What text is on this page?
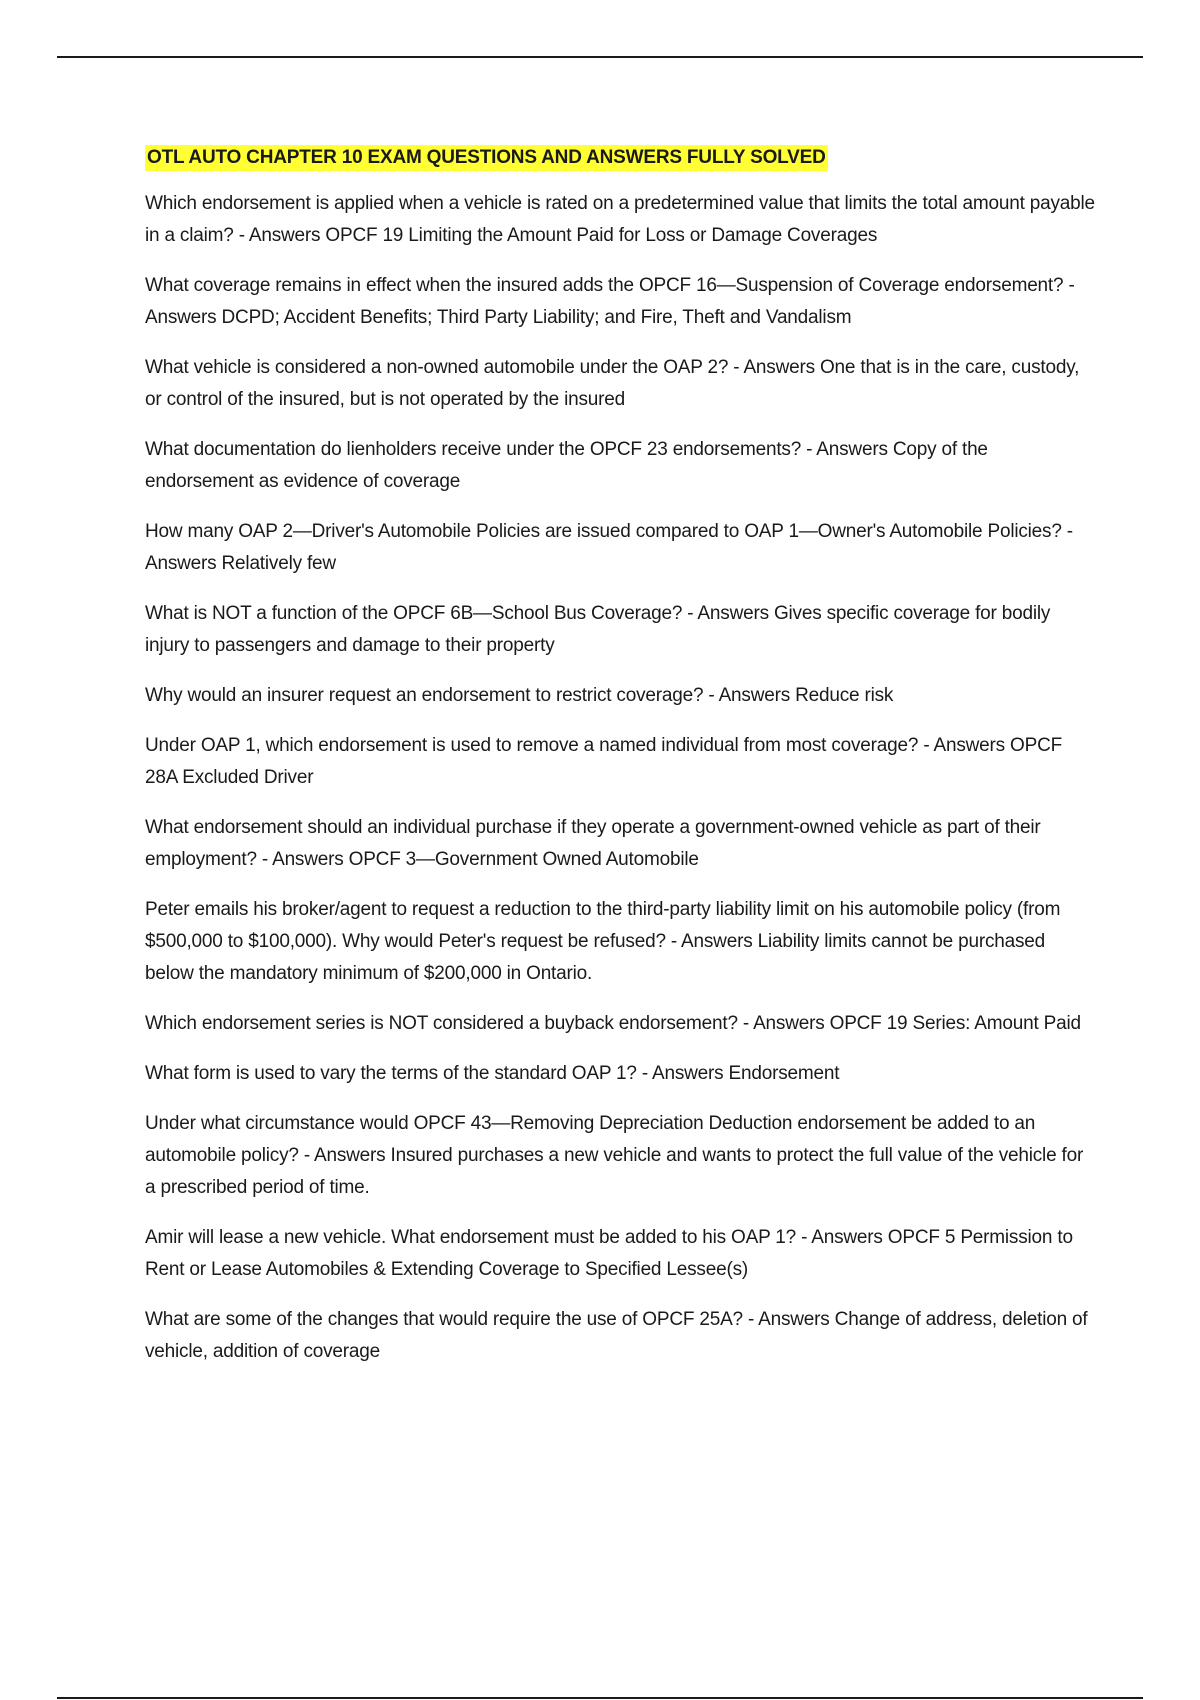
OTL AUTO CHAPTER 10 EXAM QUESTIONS AND ANSWERS FULLY SOLVED

Which endorsement is applied when a vehicle is rated on a predetermined value that limits the total amount payable in a claim? - Answers OPCF 19 Limiting the Amount Paid for Loss or Damage Coverages

What coverage remains in effect when the insured adds the OPCF 16—Suspension of Coverage endorsement? - Answers DCPD; Accident Benefits; Third Party Liability; and Fire, Theft and Vandalism

What vehicle is considered a non-owned automobile under the OAP 2? - Answers One that is in the care, custody, or control of the insured, but is not operated by the insured

What documentation do lienholders receive under the OPCF 23 endorsements? - Answers Copy of the endorsement as evidence of coverage

How many OAP 2—Driver's Automobile Policies are issued compared to OAP 1—Owner's Automobile Policies? - Answers Relatively few

What is NOT a function of the OPCF 6B—School Bus Coverage? - Answers Gives specific coverage for bodily injury to passengers and damage to their property

Why would an insurer request an endorsement to restrict coverage? - Answers Reduce risk

Under OAP 1, which endorsement is used to remove a named individual from most coverage? - Answers OPCF 28A Excluded Driver

What endorsement should an individual purchase if they operate a government-owned vehicle as part of their employment? - Answers OPCF 3—Government Owned Automobile

Peter emails his broker/agent to request a reduction to the third-party liability limit on his automobile policy (from $500,000 to $100,000). Why would Peter's request be refused? - Answers Liability limits cannot be purchased below the mandatory minimum of $200,000 in Ontario.

Which endorsement series is NOT considered a buyback endorsement? - Answers OPCF 19 Series: Amount Paid

What form is used to vary the terms of the standard OAP 1? - Answers Endorsement

Under what circumstance would OPCF 43—Removing Depreciation Deduction endorsement be added to an automobile policy? - Answers Insured purchases a new vehicle and wants to protect the full value of the vehicle for a prescribed period of time.

Amir will lease a new vehicle. What endorsement must be added to his OAP 1? - Answers OPCF 5 Permission to Rent or Lease Automobiles & Extending Coverage to Specified Lessee(s)

What are some of the changes that would require the use of OPCF 25A? - Answers Change of address, deletion of vehicle, addition of coverage
